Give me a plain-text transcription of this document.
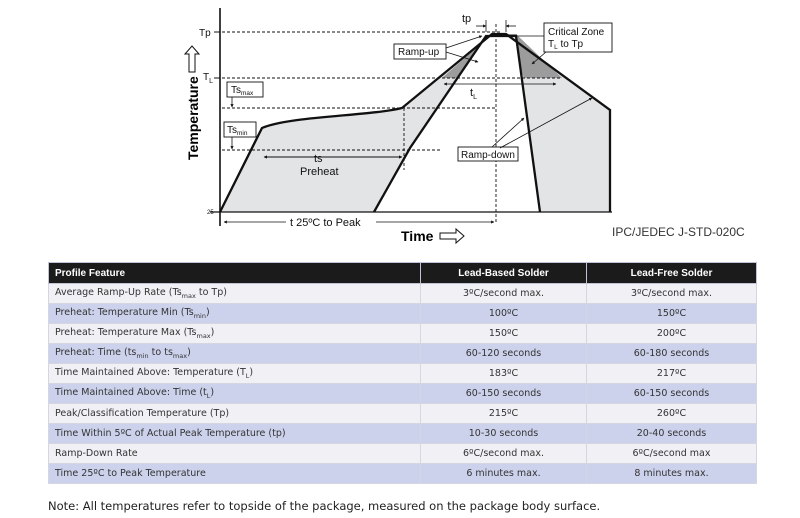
25
Temperature
Tp
$T_L$
$Ts_{max}$
$Ts_{min}$
ts
Preheat
tp
$t_L$
Ramp-up
Critical Zone
$T_L$ to Tp
Ramp-down
t 25ºC to Peak
Time	IPC/JEDEC J-STD-020C
Profile Feature	Lead-Based Solder	Lead-Free Solder
Average Ramp-Up Rate ($Ts_{max}$ to Tp)	3ºC/second max.	3ºC/second max.
Preheat: Temperature Min $(Ts_{min})$	100ºC	150ºC
Preheat: Temperature Max $(Ts_{max})$	150ºC	200ºC
Preheat: Time ($ts_{min}$ to $ts_{max}$)	60-120 seconds	60-180 seconds
Time Maintained Above: Temperature $(T_L)$	183ºC	217ºC
Time Maintained Above: Time $(t_L)$	60-150 seconds	60-150 seconds
Peak/Classification Temperature (Tp)	215ºC	260ºC
Time Within 5ºC of Actual Peak Temperature (tp)	10-30 seconds	20-40 seconds
Ramp-Down Rate	6ºC/second max.	6ºC/second max
Time 25ºC to Peak Temperature	6 minutes max.	8 minutes max.
Note: All temperatures refer to topside of the package, measured on the package body surface.
